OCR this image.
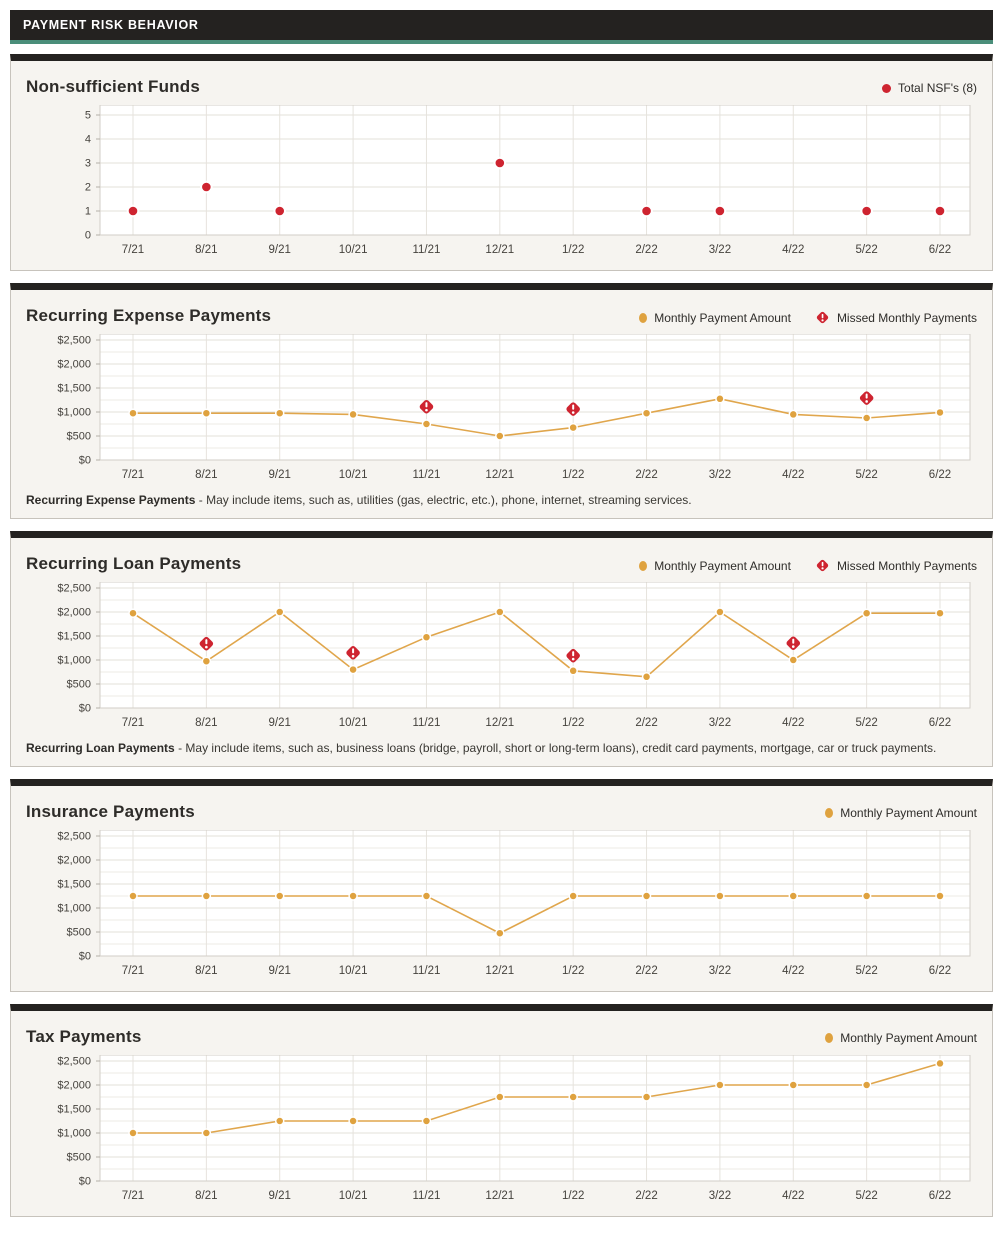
PAYMENT RISK BEHAVIOR
Non-sufficient Funds	Total NSF's (8)
0
1
2
3
4
5
7/21	8/21	9/21	10/21	11/21	12/21	1/22	2/22	3/22	4/22	5/22	6/22
Recurring Expense Payments	Monthly Payment Amount	Missed Monthly Payments
$0
$500
$1,000
$1,500
$2,000
$2,500
7/21	8/21	9/21	10/21	11/21	12/21	1/22	2/22	3/22	4/22	5/22	6/22

Recurring Expense Payments - May include items, such as, utilities (gas, electric, etc.), phone, internet, streaming services.

Recurring Loan Payments	Monthly Payment Amount	Missed Monthly Payments
$0
$500
$1,000
$1,500
$2,000
$2,500
7/21	8/21	9/21	10/21	11/21	12/21	1/22	2/22	3/22	4/22	5/22	6/22

Recurring Loan Payments - May include items, such as, business loans (bridge, payroll, short or long-term loans), credit card payments, mortgage, car or truck payments.

Insurance Payments	Monthly Payment Amount
$0
$500
$1,000
$1,500
$2,000
$2,500
7/21	8/21	9/21	10/21	11/21	12/21	1/22	2/22	3/22	4/22	5/22	6/22
Tax Payments	Monthly Payment Amount
$0
$500
$1,000
$1,500
$2,000
$2,500
7/21	8/21	9/21	10/21	11/21	12/21	1/22	2/22	3/22	4/22	5/22	6/22
